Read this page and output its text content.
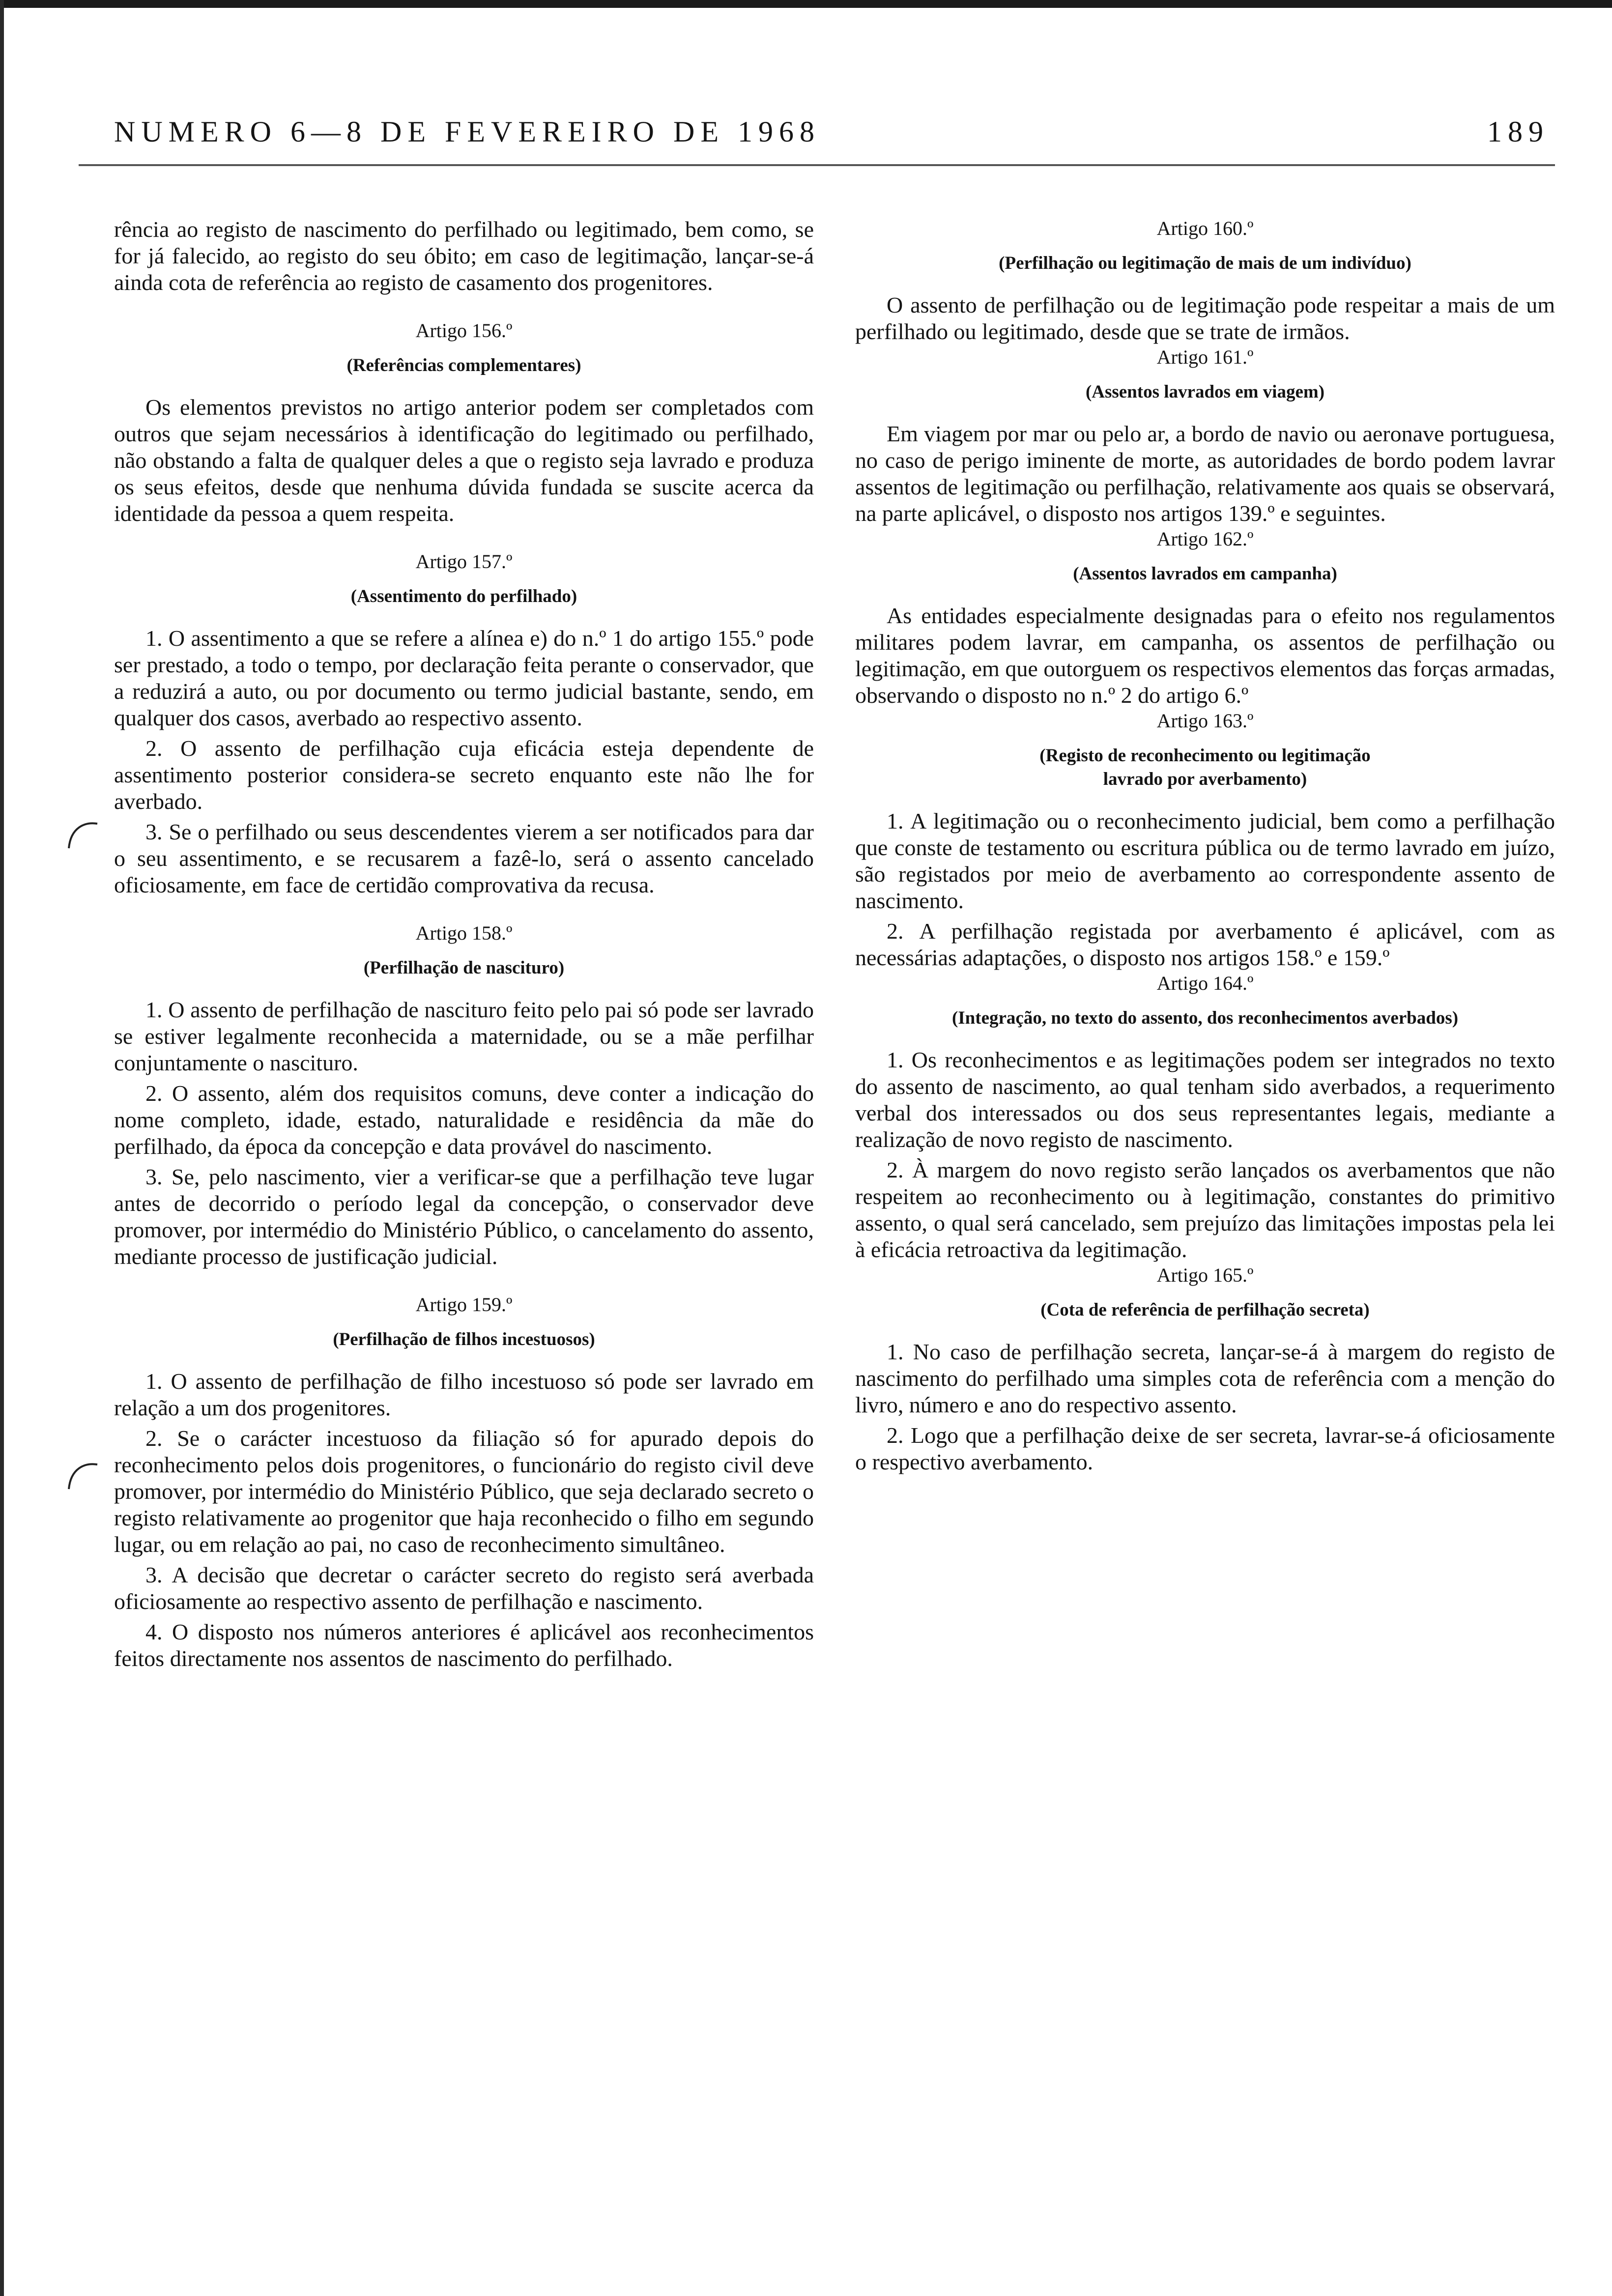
NUMERO 6—8 DE FEVEREIRO DE 1968	189

rência ao registo de nascimento do perfilhado ou legitimado, bem como, se for já falecido, ao registo do seu óbito; em caso de legitimação, lançar-se-á ainda cota de referência ao registo de casamento dos progenitores.

Artigo 156.º
(Referências complementares)

Os elementos previstos no artigo anterior podem ser completados com outros que sejam necessários à identificação do legitimado ou perfilhado, não obstando a falta de qualquer deles a que o registo seja lavrado e produza os seus efeitos, desde que nenhuma dúvida fundada se suscite acerca da identidade da pessoa a quem respeita.

Artigo 157.º
(Assentimento do perfilhado)

1. O assentimento a que se refere a alínea e) do n.º 1 do artigo 155.º pode ser prestado, a todo o tempo, por declaração feita perante o conservador, que a reduzirá a auto, ou por documento ou termo judicial bastante, sendo, em qualquer dos casos, averbado ao respectivo assento.

2. O assento de perfilhação cuja eficácia esteja dependente de assentimento posterior considera-se secreto enquanto este não lhe for averbado.

3. Se o perfilhado ou seus descendentes vierem a ser notificados para dar o seu assentimento, e se recusarem a fazê-lo, será o assento cancelado oficiosamente, em face de certidão comprovativa da recusa.

Artigo 158.º
(Perfilhação de nascituro)

1. O assento de perfilhação de nascituro feito pelo pai só pode ser lavrado se estiver legalmente reconhecida a maternidade, ou se a mãe perfilhar conjuntamente o nascituro.

2. O assento, além dos requisitos comuns, deve conter a indicação do nome completo, idade, estado, naturalidade e residência da mãe do perfilhado, da época da concepção e data provável do nascimento.

3. Se, pelo nascimento, vier a verificar-se que a perfilhação teve lugar antes de decorrido o período legal da concepção, o conservador deve promover, por intermédio do Ministério Público, o cancelamento do assento, mediante processo de justificação judicial.

Artigo 159.º
(Perfilhação de filhos incestuosos)

1. O assento de perfilhação de filho incestuoso só pode ser lavrado em relação a um dos progenitores.

2. Se o carácter incestuoso da filiação só for apurado depois do reconhecimento pelos dois progenitores, o funcionário do registo civil deve promover, por intermédio do Ministério Público, que seja declarado secreto o registo relativamente ao progenitor que haja reconhecido o filho em segundo lugar, ou em relação ao pai, no caso de reconhecimento simultâneo.

3. A decisão que decretar o carácter secreto do registo será averbada oficiosamente ao respectivo assento de perfilhação e nascimento.

4. O disposto nos números anteriores é aplicável aos reconhecimentos feitos directamente nos assentos de nascimento do perfilhado.

Artigo 160.º
(Perfilhação ou legitimação de mais de um indivíduo)

O assento de perfilhação ou de legitimação pode respeitar a mais de um perfilhado ou legitimado, desde que se trate de irmãos.

Artigo 161.º
(Assentos lavrados em viagem)

Em viagem por mar ou pelo ar, a bordo de navio ou aeronave portuguesa, no caso de perigo iminente de morte, as autoridades de bordo podem lavrar assentos de legitimação ou perfilhação, relativamente aos quais se observará, na parte aplicável, o disposto nos artigos 139.º e seguintes.

Artigo 162.º
(Assentos lavrados em campanha)

As entidades especialmente designadas para o efeito nos regulamentos militares podem lavrar, em campanha, os assentos de perfilhação ou legitimação, em que outorguem os respectivos elementos das forças armadas, observando o disposto no n.º 2 do artigo 6.º

Artigo 163.º
(Registo de reconhecimento ou legitimação
lavrado por averbamento)

1. A legitimação ou o reconhecimento judicial, bem como a perfilhação que conste de testamento ou escritura pública ou de termo lavrado em juízo, são registados por meio de averbamento ao correspondente assento de nascimento.

2. A perfilhação registada por averbamento é aplicável, com as necessárias adaptações, o disposto nos artigos 158.º e 159.º

Artigo 164.º
(Integração, no texto do assento, dos reconhecimentos averbados)

1. Os reconhecimentos e as legitimações podem ser integrados no texto do assento de nascimento, ao qual tenham sido averbados, a requerimento verbal dos interessados ou dos seus representantes legais, mediante a realização de novo registo de nascimento.

2. À margem do novo registo serão lançados os averbamentos que não respeitem ao reconhecimento ou à legitimação, constantes do primitivo assento, o qual será cancelado, sem prejuízo das limitações impostas pela lei à eficácia retroactiva da legitimação.

Artigo 165.º
(Cota de referência de perfilhação secreta)

1. No caso de perfilhação secreta, lançar-se-á à margem do registo de nascimento do perfilhado uma simples cota de referência com a menção do livro, número e ano do respectivo assento.

2. Logo que a perfilhação deixe de ser secreta, lavrar-se-á oficiosamente o respectivo averbamento.
